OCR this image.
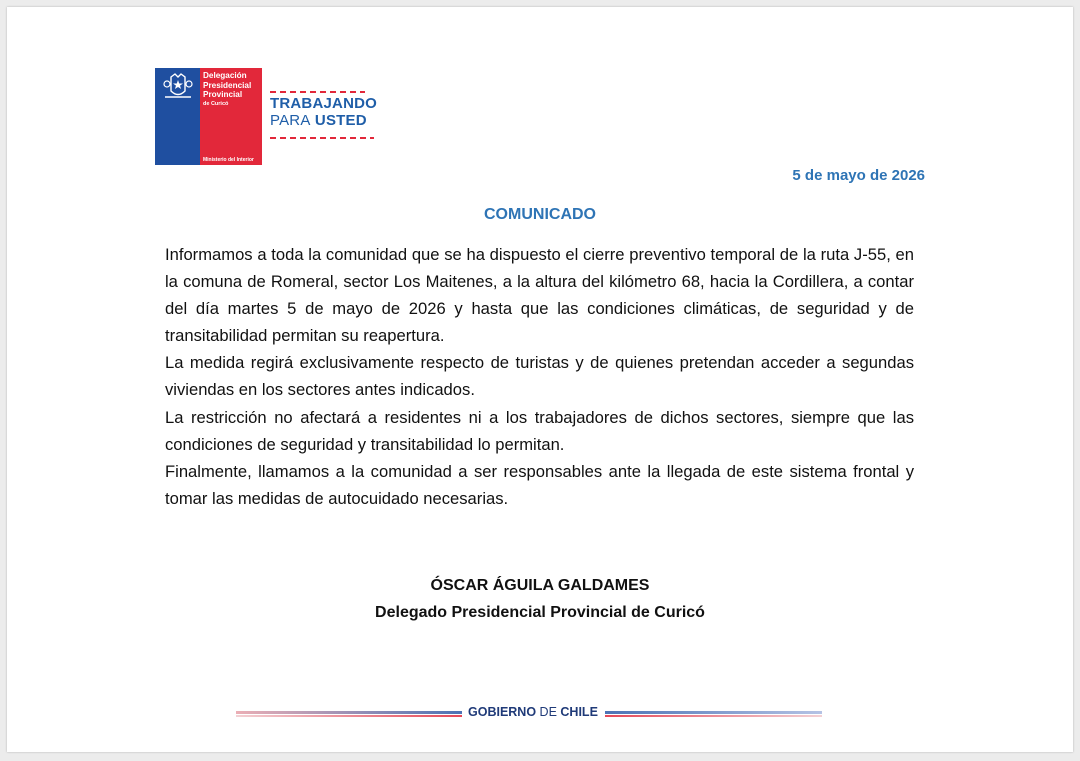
Delegación
Presidencial
Provincial
de Curicó
Ministerio del Interior
TRABAJANDO
PARA USTED
5 de mayo de 2026
COMUNICADO

Informamos a toda la comunidad que se ha dispuesto el cierre preventivo temporal de la ruta J-55, en la comuna de Romeral, sector Los Maitenes, a la altura del kilómetro 68, hacia la Cordillera, a contar del día martes 5 de mayo de 2026 y hasta que las condiciones climáticas, de seguridad y de transitabilidad permitan su reapertura.

La medida regirá exclusivamente respecto de turistas y de quienes pretendan acceder a segundas viviendas en los sectores antes indicados.

La restricción no afectará a residentes ni a los trabajadores de dichos sectores, siempre que las condiciones de seguridad y transitabilidad lo permitan.

Finalmente, llamamos a la comunidad a ser responsables ante la llegada de este sistema frontal y tomar las medidas de autocuidado necesarias.

ÓSCAR ÁGUILA GALDAMES
Delegado Presidencial Provincial de Curicó
GOBIERNO DE CHILE
